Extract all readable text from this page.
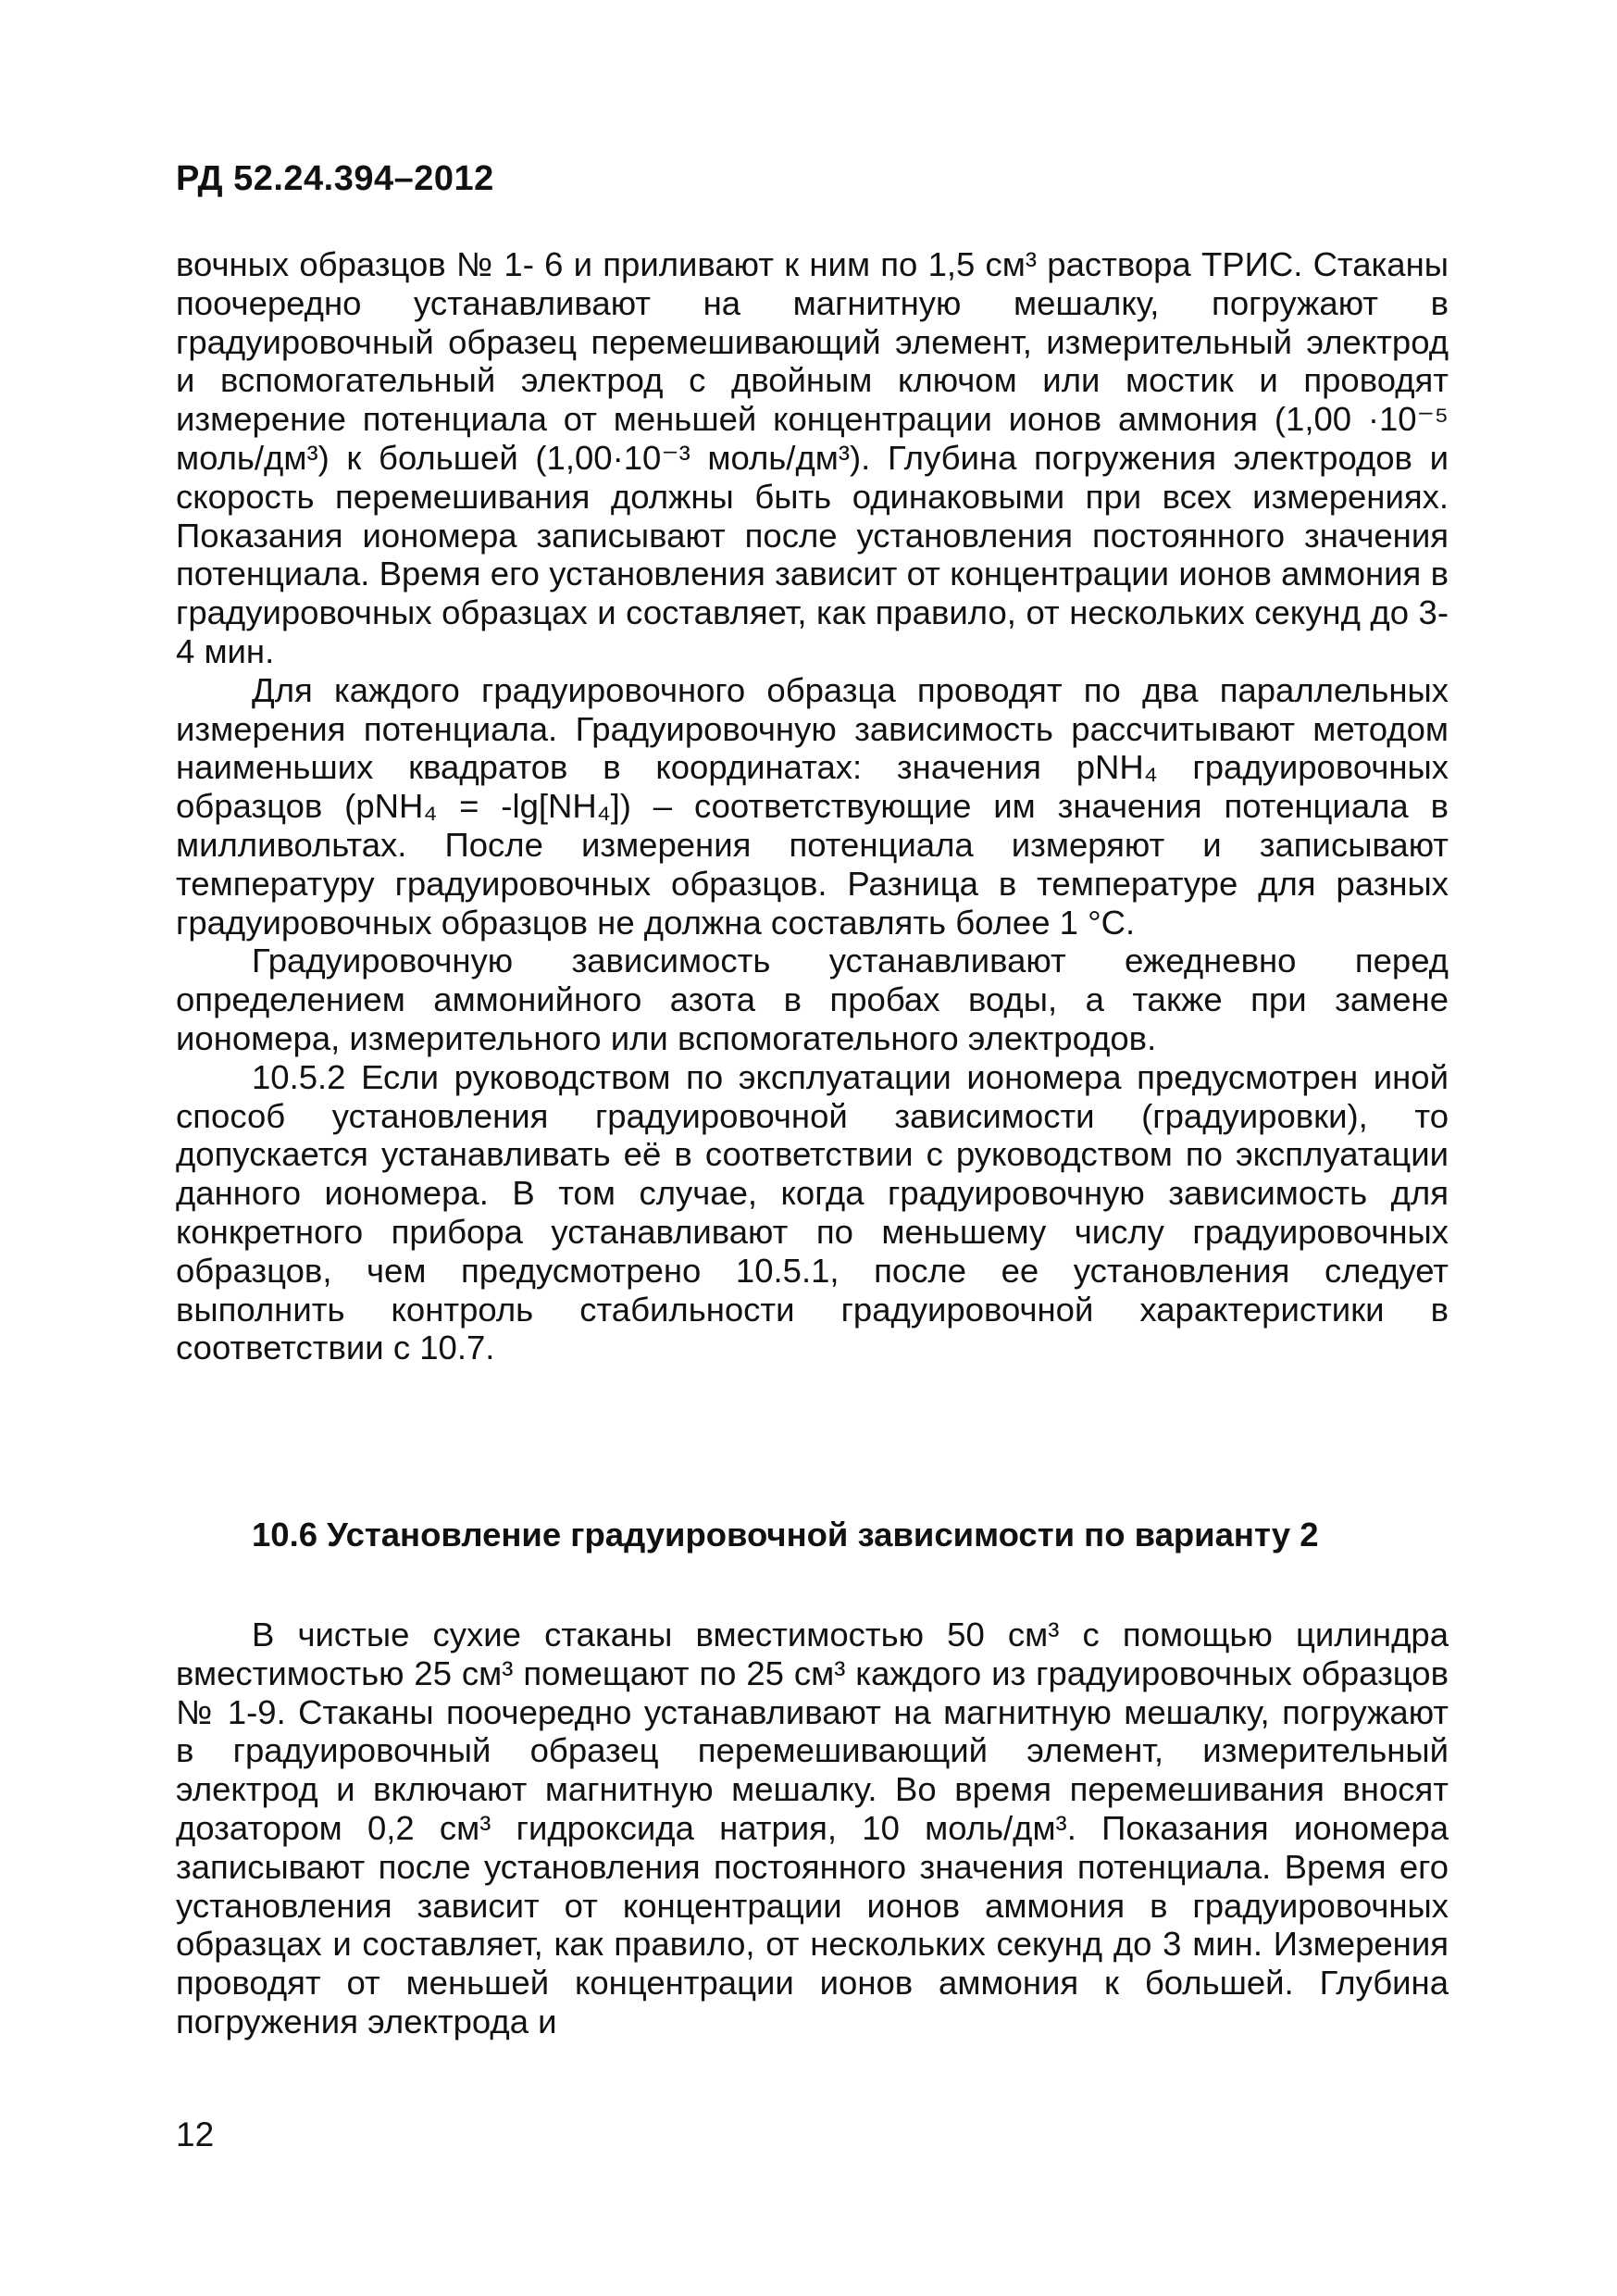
РД 52.24.394–2012

вочных образцов № 1- 6 и приливают к ним по 1,5 см³ раствора ТРИС. Стаканы поочередно устанавливают на магнитную мешалку, погружают в градуировочный образец перемешивающий элемент, измерительный электрод и вспомогательный электрод с двойным ключом или мостик и проводят измерение потенциала от меньшей концентрации ионов аммония (1,00 ·10⁻⁵ моль/дм³) к большей (1,00·10⁻³ моль/дм³). Глубина погружения электродов и скорость перемешивания должны быть одинаковыми при всех измерениях. Показания иономера записывают после установления постоянного значения потенциала. Время его установления зависит от концентрации ионов аммония в градуировочных образцах и составляет, как правило, от нескольких секунд до 3-4 мин.

Для каждого градуировочного образца проводят по два параллельных измерения потенциала. Градуировочную зависимость рассчитывают методом наименьших квадратов в координатах: значения pNH₄ градуировочных образцов (pNH₄ = -lg[NH₄]) – соответствующие им значения потенциала в милливольтах. После измерения потенциала измеряют и записывают температуру градуировочных образцов. Разница в температуре для разных градуировочных образцов не должна составлять более 1 °С.

Градуировочную зависимость устанавливают ежедневно перед определением аммонийного азота в пробах воды, а также при замене иономера, измерительного или вспомогательного электродов.

10.5.2 Если руководством по эксплуатации иономера предусмотрен иной способ установления градуировочной зависимости (градуировки), то допускается устанавливать её в соответствии с руководством по эксплуатации данного иономера. В том случае, когда градуировочную зависимость для конкретного прибора устанавливают по меньшему числу градуировочных образцов, чем предусмотрено 10.5.1, после ее установления следует выполнить контроль стабильности градуировочной характеристики в соответствии с 10.7.

10.6 Установление градуировочной зависимости по варианту 2

В чистые сухие стаканы вместимостью 50 см³ с помощью цилиндра вместимостью 25 см³ помещают по 25 см³ каждого из градуировочных образцов № 1-9. Стаканы поочередно устанавливают на магнитную мешалку, погружают в градуировочный образец перемешивающий элемент, измерительный электрод и включают магнитную мешалку. Во время перемешивания вносят дозатором 0,2 см³ гидроксида натрия, 10 моль/дм³. Показания иономера записывают после установления постоянного значения потенциала. Время его установления зависит от концентрации ионов аммония в градуировочных образцах и составляет, как правило, от нескольких секунд до 3 мин. Измерения проводят от меньшей концентрации ионов аммония к большей. Глубина погружения электрода и

12
